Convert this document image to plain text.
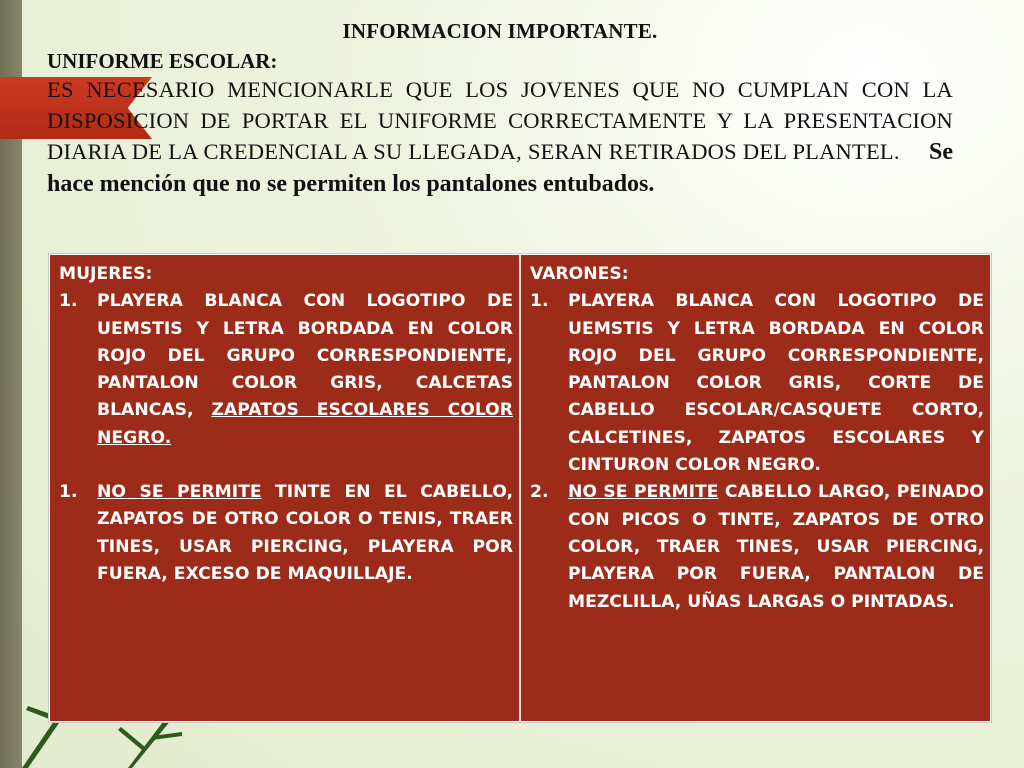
INFORMACION IMPORTANTE.
UNIFORME ESCOLAR:
ES NECESARIO MENCIONARLE QUE LOS JOVENES QUE NO CUMPLAN CON LA DISPOSICION DE PORTAR EL UNIFORME CORRECTAMENTE Y LA PRESENTACION DIARIA DE LA CREDENCIAL A SU LLEGADA, SERAN RETIRADOS DEL PLANTEL. Se hace mención que no se permiten los pantalones entubados.
MUJERES:
1.	PLAYERA BLANCA CON LOGOTIPO DE UEMSTIS Y LETRA BORDADA EN COLOR ROJO DEL GRUPO CORRESPONDIENTE, PANTALON COLOR GRIS, CALCETAS BLANCAS, ZAPATOS ESCOLARES COLOR NEGRO.
1.	NO SE PERMITE TINTE EN EL CABELLO, ZAPATOS DE OTRO COLOR O TENIS, TRAER TINES, USAR PIERCING, PLAYERA POR FUERA, EXCESO DE MAQUILLAJE.
VARONES:
1.	PLAYERA BLANCA CON LOGOTIPO DE UEMSTIS Y LETRA BORDADA EN COLOR ROJO DEL GRUPO CORRESPONDIENTE, PANTALON COLOR GRIS, CORTE DE CABELLO ESCOLAR/CASQUETE CORTO, CALCETINES, ZAPATOS ESCOLARES Y CINTURON COLOR NEGRO.
2.	NO SE PERMITE CABELLO LARGO, PEINADO CON PICOS O TINTE, ZAPATOS DE OTRO COLOR, TRAER TINES, USAR PIERCING, PLAYERA POR FUERA, PANTALON DE MEZCLILLA, UÑAS LARGAS O PINTADAS.
